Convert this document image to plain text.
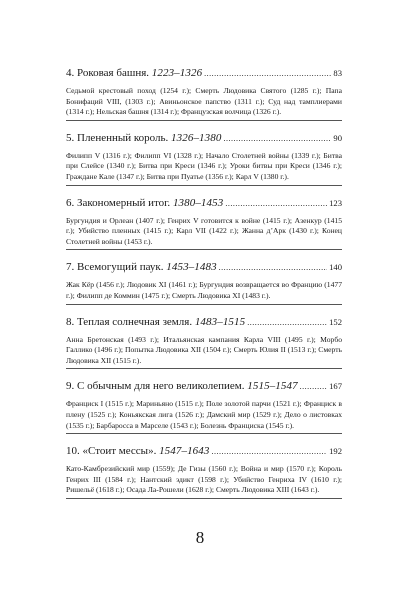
4. Роковая башня. 1223–1326 .....	83
Седьмой крестовый поход (1254 г.); Смерть Людовика Святого (1285 г.); Папа Бонифаций VIII, (1303 г.); Авиньонское папство (1311 г.); Суд над тамплиерами (1314 г.); Нельская башня (1314 г.); Французская волчица (1326 г.).
5. Плененный король. 1326–1380 .....	90
Филипп V (1316 г.); Филипп VI (1328 г.); Начало Столетней войны (1339 г.); Битва при Слейсе (1340 г.); Битва при Креси (1346 г.); Уроки битвы при Креси (1346 г.); Граждане Кале (1347 г.); Битва при Пуатье (1356 г.); Карл V (1380 г.).
6. Закономерный итог. 1380–1453 .....	123
Бургундия и Орлеан (1407 г.); Генрих V готовится к войне (1415 г.); Азенкур (1415 г.); Убийство пленных (1415 г.); Карл VII (1422 г.); Жанна д’Арк (1430 г.); Конец Столетней войны (1453 г.).
7. Всемогущий паук. 1453–1483 .....	140
Жак Кёр (1456 г.); Людовик XI (1461 г.); Бургундия возвращается во Францию (1477 г.); Филипп де Коммин (1475 г.); Смерть Людовика XI (1483 г.).
8. Теплая солнечная земля. 1483–1515 .....	152
Анна Бретонская (1493 г.); Итальянская кампания Карла VIII (1495 г.); Морбо Галлико (1496 г.); Попытка Людовика XII (1504 г.); Смерть Юлия II (1513 г.); Смерть Людовика XII (1515 г.).
9. С обычным для него великолепием. 1515–1547 .....	167
Франциск I (1515 г.); Мариньяно (1515 г.); Поле золотой парчи (1521 г.); Франциск в плену (1525 г.); Коньякская лига (1526 г.); Дамский мир (1529 г.); Дело о листовках (1535 г.); Барбаросса в Марселе (1543 г.); Болезнь Франциска (1545 г.).
10. «Стоит мессы». 1547–1643 .....	192
Като-Камбрезийский мир (1559); Де Гизы (1560 г.); Война и мир (1570 г.); Король Генрих III (1584 г.); Нантский эдикт (1598 г.); Убийство Генриха IV (1610 г.); Ришельё (1618 г.); Осада Ла-Рошели (1628 г.); Смерть Людовика XIII (1643 г.).
8
